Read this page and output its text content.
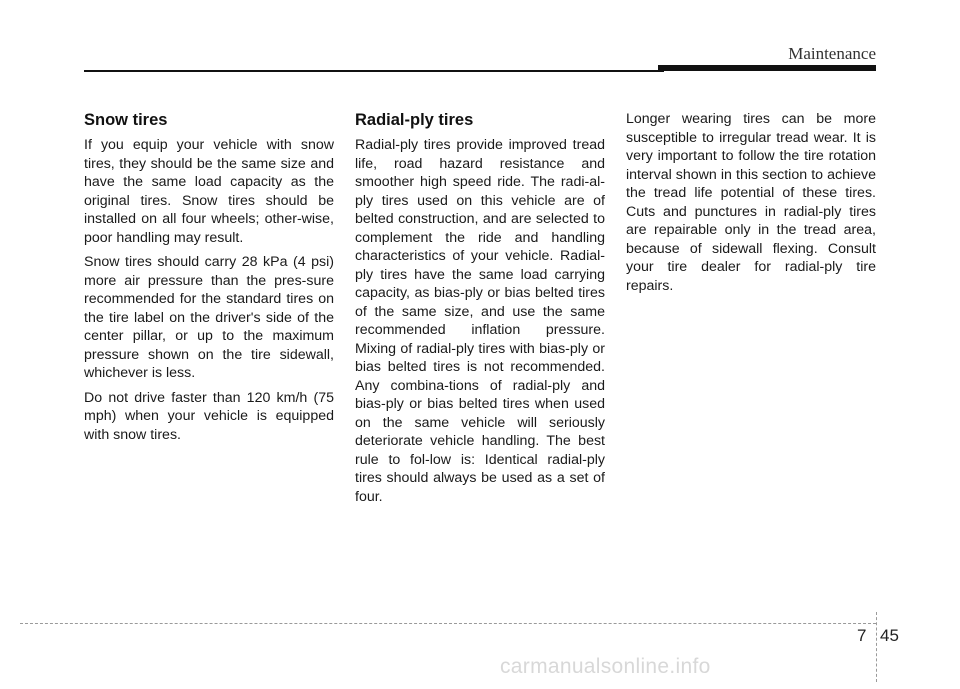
Maintenance
Snow tires

If you equip your vehicle with snow tires, they should be the same size and have the same load capacity as the original tires. Snow tires should be installed on all four wheels; other-wise, poor handling may result.

Snow tires should carry 28 kPa (4 psi) more air pressure than the pres-sure recommended for the standard tires on the tire label on the driver's side of the center pillar, or up to the maximum pressure shown on the tire sidewall, whichever is less.

Do not drive faster than 120 km/h (75 mph) when your vehicle is equipped with snow tires.

Radial-ply tires

Radial-ply tires provide improved tread life, road hazard resistance and smoother high speed ride. The radi-al-ply tires used on this vehicle are of belted construction, and are selected to complement the ride and handling characteristics of your vehicle. Radial-ply tires have the same load carrying capacity, as bias-ply or bias belted tires of the same size, and use the same recommended inflation pressure. Mixing of radial-ply tires with bias-ply or bias belted tires is not recommended. Any combina-tions of radial-ply and bias-ply or bias belted tires when used on the same vehicle will seriously deteriorate vehicle handling. The best rule to fol-low is: Identical radial-ply tires should always be used as a set of four.

Longer wearing tires can be more susceptible to irregular tread wear. It is very important to follow the tire rotation interval shown in this section to achieve the tread life potential of these tires. Cuts and punctures in radial-ply tires are repairable only in the tread area, because of sidewall flexing. Consult your tire dealer for radial-ply tire repairs.

7 45
carmanualsonline.info
